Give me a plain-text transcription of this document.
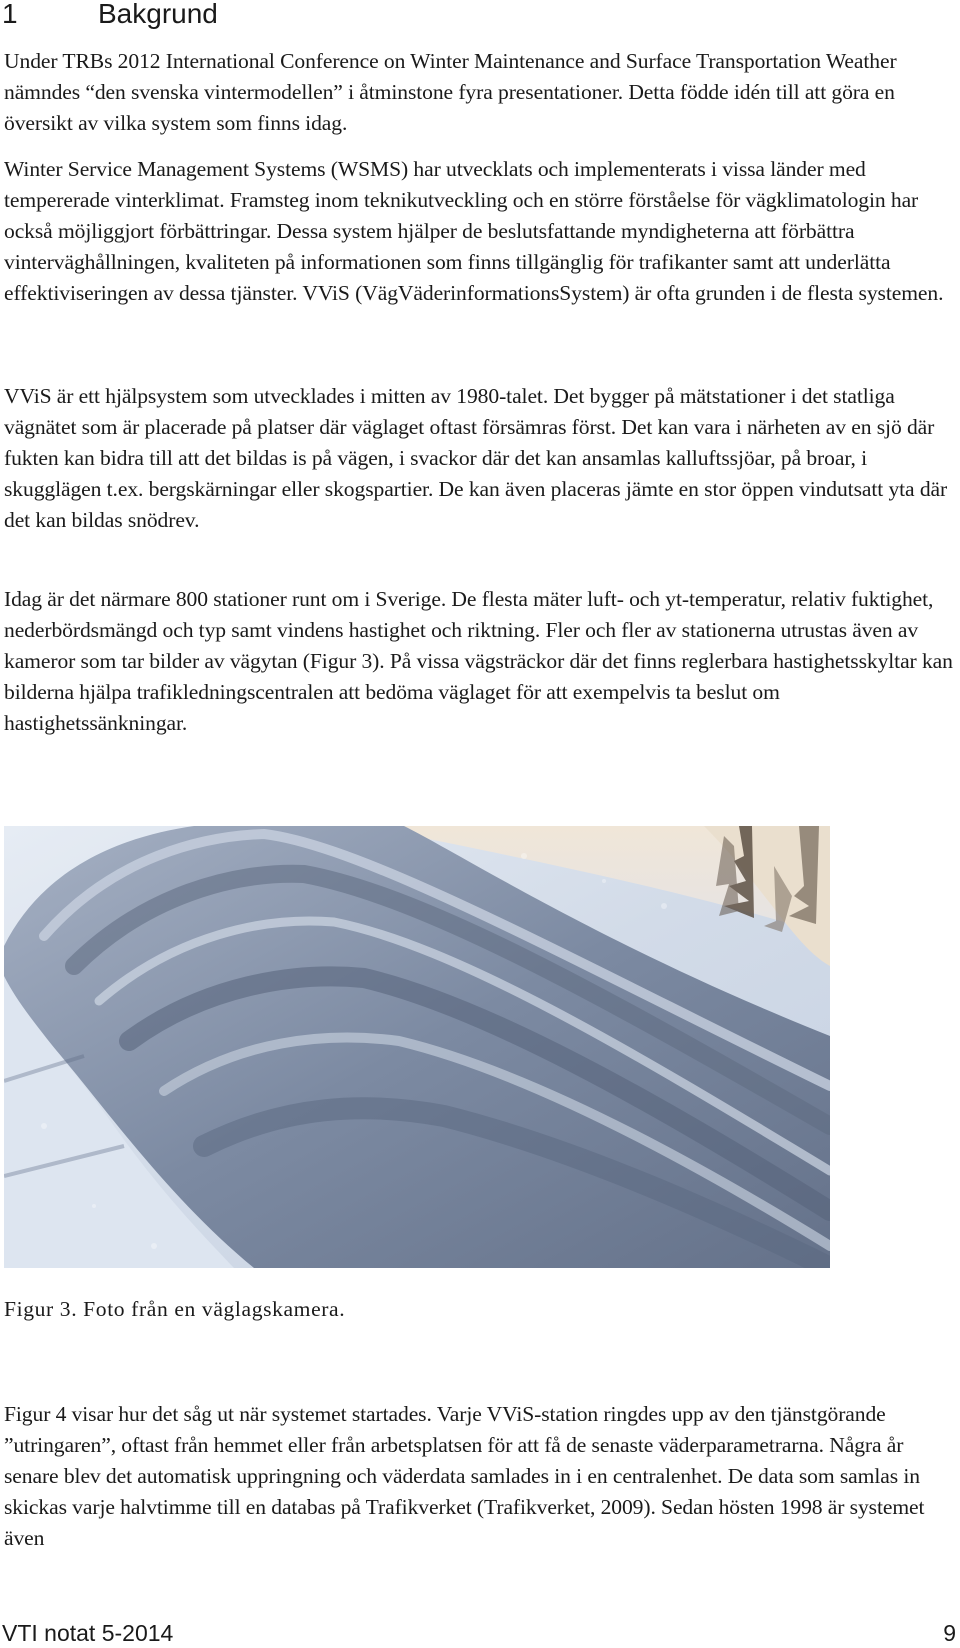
1	Bakgrund

Under TRBs 2012 International Conference on Winter Maintenance and Surface Transportation Weather nämndes “den svenska vintermodellen” i åtminstone fyra presentationer. Detta födde idén till att göra en översikt av vilka system som finns idag.

Winter Service Management Systems (WSMS) har utvecklats och implementerats i vissa länder med tempererade vinterklimat. Framsteg inom teknikutveckling och en större förståelse för vägklimatologin har också möjliggjort förbättringar. Dessa system hjälper de beslutsfattande myndigheterna att förbättra vinterväghållningen, kvaliteten på informationen som finns tillgänglig för trafikanter samt att underlätta effektiviseringen av dessa tjänster. VViS (VägVäderinformationsSystem) är ofta grunden i de flesta systemen.

VViS är ett hjälpsystem som utvecklades i mitten av 1980-talet. Det bygger på mätstationer i det statliga vägnätet som är placerade på platser där väglaget oftast försämras först. Det kan vara i närheten av en sjö där fukten kan bidra till att det bildas is på vägen, i svackor där det kan ansamlas kalluftssjöar, på broar, i skugglägen t.ex. bergskärningar eller skogspartier. De kan även placeras jämte en stor öppen vindutsatt yta där det kan bildas snödrev.

Idag är det närmare 800 stationer runt om i Sverige. De flesta mäter luft- och yt-temperatur, relativ fuktighet, nederbördsmängd och typ samt vindens hastighet och riktning. Fler och fler av stationerna utrustas även av kameror som tar bilder av vägytan (Figur 3). På vissa vägsträckor där det finns reglerbara hastighetsskyltar kan bilderna hjälpa trafikledningscentralen att bedöma väglaget för att exempelvis ta beslut om hastighetssänkningar.

Figur 3. Foto från en väglagskamera.

Figur 4 visar hur det såg ut när systemet startades. Varje VViS-station ringdes upp av den tjänstgörande ”utringaren”, oftast från hemmet eller från arbetsplatsen för att få de senaste väderparametrarna. Några år senare blev det automatisk uppringning och väderdata samlades in i en centralenhet. De data som samlas in skickas varje halvtimme till en databas på Trafikverket (Trafikverket, 2009). Sedan hösten 1998 är systemet även

VTI notat 5-2014	9
